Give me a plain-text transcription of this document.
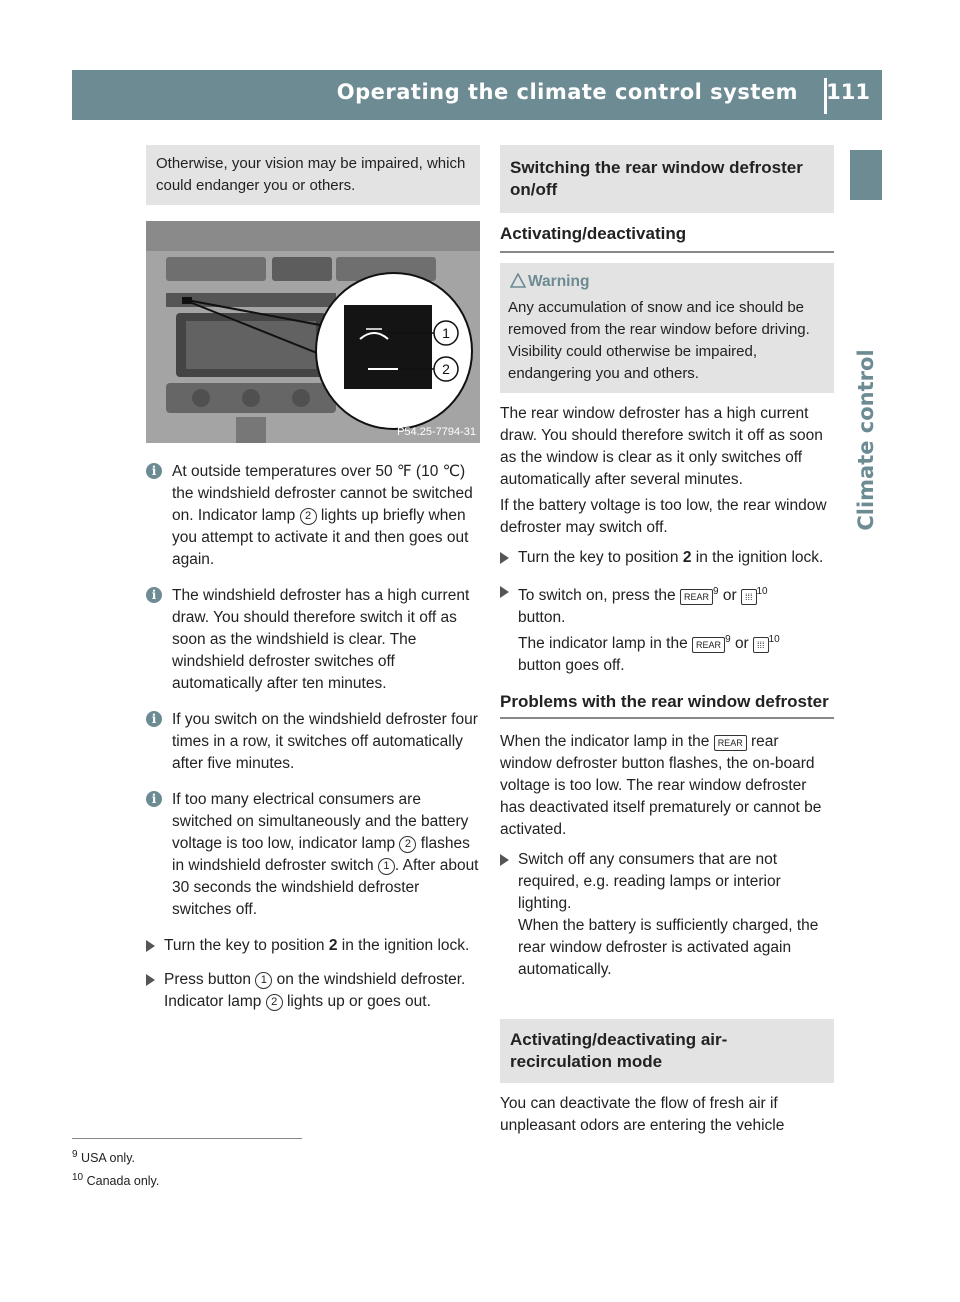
Operating the climate control system 111
Climate control

Otherwise, your vision may be impaired, which could endanger you or others.

1
2
P54.25-7794-31
i	At outside temperatures over 50 ℉ (10 ℃) the windshield defroster cannot be switched on. Indicator lamp 2 lights up briefly when you attempt to activate it and then goes out again.

i	The windshield defroster has a high current draw. You should therefore switch it off as soon as the windshield is clear. The windshield defroster switches off automatically after ten minutes.

i	If you switch on the windshield defroster four times in a row, it switches off automatically after five minutes.

i	If too many electrical consumers are switched on simultaneously and the battery voltage is too low, indicator lamp 2 flashes in windshield defroster switch 1 . After about 30 seconds the windshield defroster switches off.

Turn the key to position 2 in the ignition lock.

Press button 1 on the windshield defroster.
Indicator lamp 2 lights up or goes out.

Switching the rear window defroster on/off
Activating/deactivating
Warning

Any accumulation of snow and ice should be removed from the rear window before driving. Visibility could otherwise be impaired, endangering you and others.

The rear window defroster has a high current draw. You should therefore switch it off as soon as the window is clear as it only switches off automatically after several minutes.

If the battery voltage is too low, the rear window defroster may switch off.

Turn the key to position 2 in the ignition lock.

To switch on, press the REAR$^9$ or ⁞⁞⁞$^{10}$
button.
The indicator lamp in the REAR$^9$ or ⁞⁞⁞$^{10}$
button goes off.

Problems with the rear window defroster

When the indicator lamp in the REAR rear window defroster button flashes, the on-board voltage is too low. The rear window defroster has deactivated itself prematurely or cannot be activated.

Switch off any consumers that are not required, e.g. reading lamps or interior lighting.
When the battery is sufficiently charged, the rear window defroster is activated again automatically.

Activating/deactivating air-recirculation mode

You can deactivate the flow of fresh air if unpleasant odors are entering the vehicle

$^9$ USA only.
$^{10}$ Canada only.
